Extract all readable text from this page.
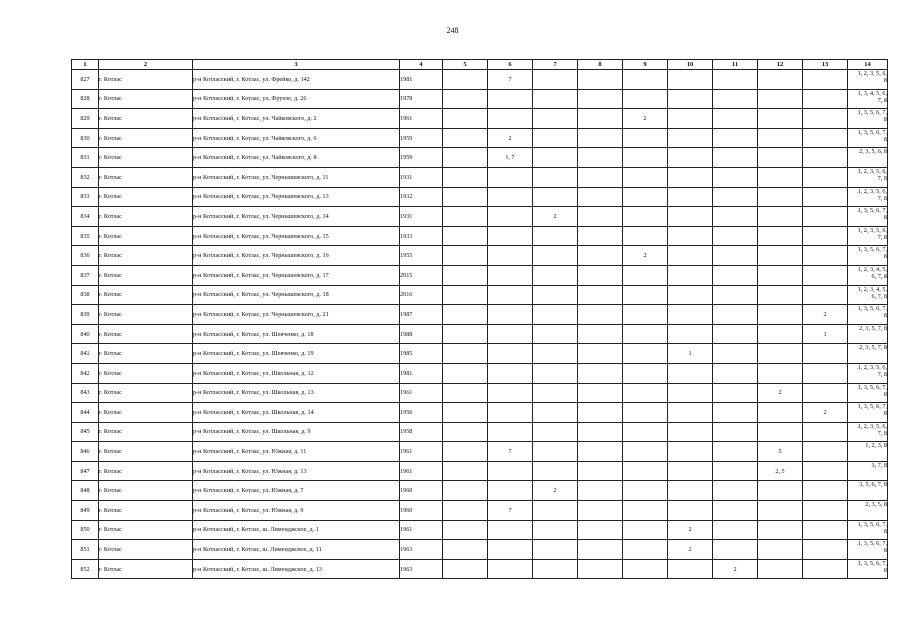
248
1	2	3	4	5	6	7	8	9	10	11	12	13	14
827	г. Котлас	р-н Котласский, г. Котлас, ул. Фрейко, д. 142	1981		7								1, 2, 3, 5, 6,
8

828	г. Котлас	р-н Котласский, г. Котлас, ул. Фрунзе, д. 26	1978										1, 3, 4, 5, 6,
7, 8

829	г. Котлас	р-н Котласский, г. Котлас, ул. Чайковского, д. 2	1961					2					1, 3, 5, 6, 7,
8

830	г. Котлас	р-н Котласский, г. Котлас, ул. Чайковского, д. 6	1959		2								1, 3, 5, 6, 7,
8

831	г. Котлас	р-н Котласский, г. Котлас, ул. Чайковского, д. 8	1959		1, 7								2, 3, 5, 6, 8

832	г. Котлас	р-н Котласский, г. Котлас, ул. Чернышевского, д. 11	1931										1, 2, 3, 5, 6,
7, 8

833	г. Котлас	р-н Котласский, г. Котлас, ул. Чернышевского, д. 13	1932										1, 2, 3, 5, 6,
7, 8

834	г. Котлас	р-н Котласский, г. Котлас, ул. Чернышевского, д. 14	1931			2							1, 3, 5, 6, 7,
8

835	г. Котлас	р-н Котласский, г. Котлас, ул. Чернышевского, д. 15	1933										1, 2, 3, 5, 6,
7, 8

836	г. Котлас	р-н Котласский, г. Котлас, ул. Чернышевского, д. 16	1955					2					1, 3, 5, 6, 7,
8

837	г. Котлас	р-н Котласский, г. Котлас, ул. Чернышевского, д. 17	2015										1, 2, 3, 4, 5,
6, 7, 8

838	г. Котлас	р-н Котласский, г. Котлас, ул. Чернышевского, д. 18	2016										1, 2, 3, 4, 5,
6, 7, 8

839	г. Котлас	р-н Котласский, г. Котлас, ул. Чернышевского, д. 21	1987									2	1, 3, 5, 6, 7,
8

840	г. Котлас	р-н Котласский, г. Котлас, ул. Шевченко, д. 18	1988									1	2, 3, 5, 7, 8

841	г. Котлас	р-н Котласский, г. Котлас, ул. Шевченко, д. 19	1985						1				2, 3, 5, 7, 8

842	г. Котлас	р-н Котласский, г. Котлас, ул. Школьная, д. 12	1981										1, 2, 3, 5, 6,
7, 8

843	г. Котлас	р-н Котласский, г. Котлас, ул. Школьная, д. 13	1961								2		1, 3, 5, 6, 7,
8

844	г. Котлас	р-н Котласский, г. Котлас, ул. Школьная, д. 14	1956									2	1, 3, 5, 6, 7,
8

845	г. Котлас	р-н Котласский, г. Котлас, ул. Школьная, д. 9	1958										1, 2, 3, 5, 6,
7, 8

846	г. Котлас	р-н Котласский, г. Котлас, ул. Южная, д. 11	1961		7						5		1, 2, 3, 8

847	г. Котлас	р-н Котласский, г. Котлас, ул. Южная, д. 13	1961								2, 5		3, 7, 8

848	г. Котлас	р-н Котласский, г. Котлас, ул. Южная, д. 7	1960			2							3, 5, 6, 7, 8

849	г. Котлас	р-н Котласский, г. Котлас, ул. Южная, д. 9	1960		7								2, 3, 5, 8

850	г. Котлас	р-н Котласский, г. Котлас, ш. Лименджское, д. 1	1961						2				1, 3, 5, 6, 7,
8

851	г. Котлас	р-н Котласский, г. Котлас, ш. Лименджское, д. 11	1963						2				1, 3, 5, 6, 7,
8

852	г. Котлас	р-н Котласский, г. Котлас, ш. Лименджское, д. 13	1963							2			1, 3, 5, 6, 7,
8
